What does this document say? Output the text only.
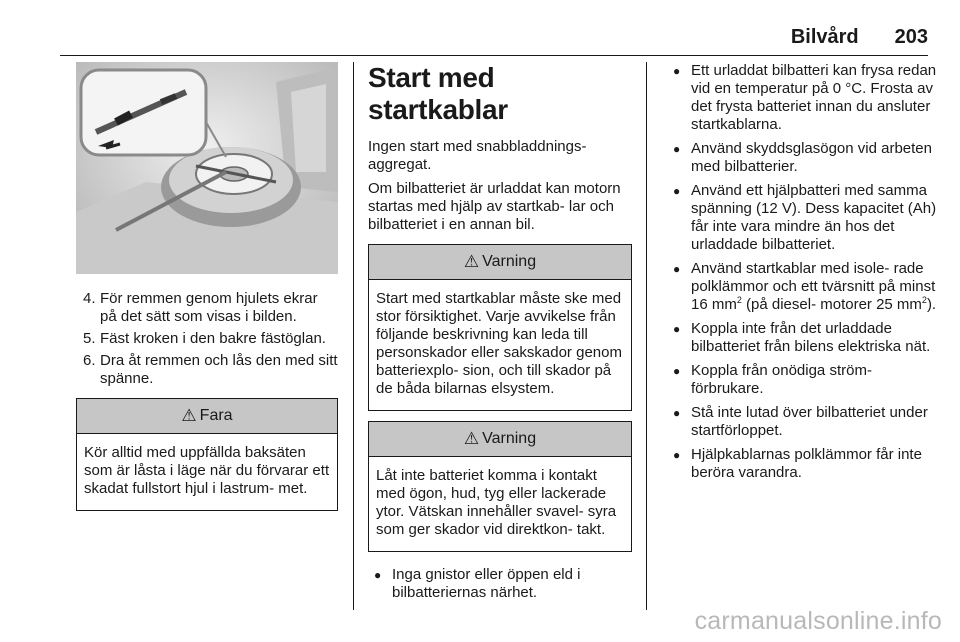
Bilvård 203
4. För remmen genom hjulets ekrar på det sätt som visas i bilden.
5. Fäst kroken i den bakre fästöglan.
6. Dra åt remmen och lås den med sitt spänne.
⚠ Fara
Kör alltid med uppfällda baksäten som är låsta i läge när du förvarar ett skadat fullstort hjul i lastrum- met.
Start med startkablar

Ingen start med snabbladdnings- aggregat.

Om bilbatteriet är urladdat kan motorn startas med hjälp av startkab- lar och bilbatteriet i en annan bil.

⚠ Varning
Start med startkablar måste ske med stor försiktighet. Varje avvikelse från följande beskrivning kan leda till personskador eller sakskador genom batteriexplo- sion, och till skador på de båda bilarnas elsystem.
⚠ Varning
Låt inte batteriet komma i kontakt med ögon, hud, tyg eller lackerade ytor. Vätskan innehåller svavel- syra som ger skador vid direktkon- takt.
● Inga gnistor eller öppen eld i bilbatteriernas närhet.
● Ett urladdat bilbatteri kan frysa redan vid en temperatur på 0 °C. Frosta av det frysta batteriet innan du ansluter startkablarna.
● Använd skyddsglasögon vid arbeten med bilbatterier.
● Använd ett hjälpbatteri med samma spänning (12 V). Dess kapacitet (Ah) får inte vara mindre än hos det urladdade bilbatteriet.
● Använd startkablar med isole- rade polklämmor och ett tvärsnitt på minst 16 $mm^2$ (på diesel- motorer 25 $mm^2$).
● Koppla inte från det urladdade bilbatteriet från bilens elektriska nät.
● Koppla från onödiga ström- förbrukare.
● Stå inte lutad över bilbatteriet under startförloppet.
● Hjälpkablarnas polklämmor får inte beröra varandra.
carmanualsonline.info
